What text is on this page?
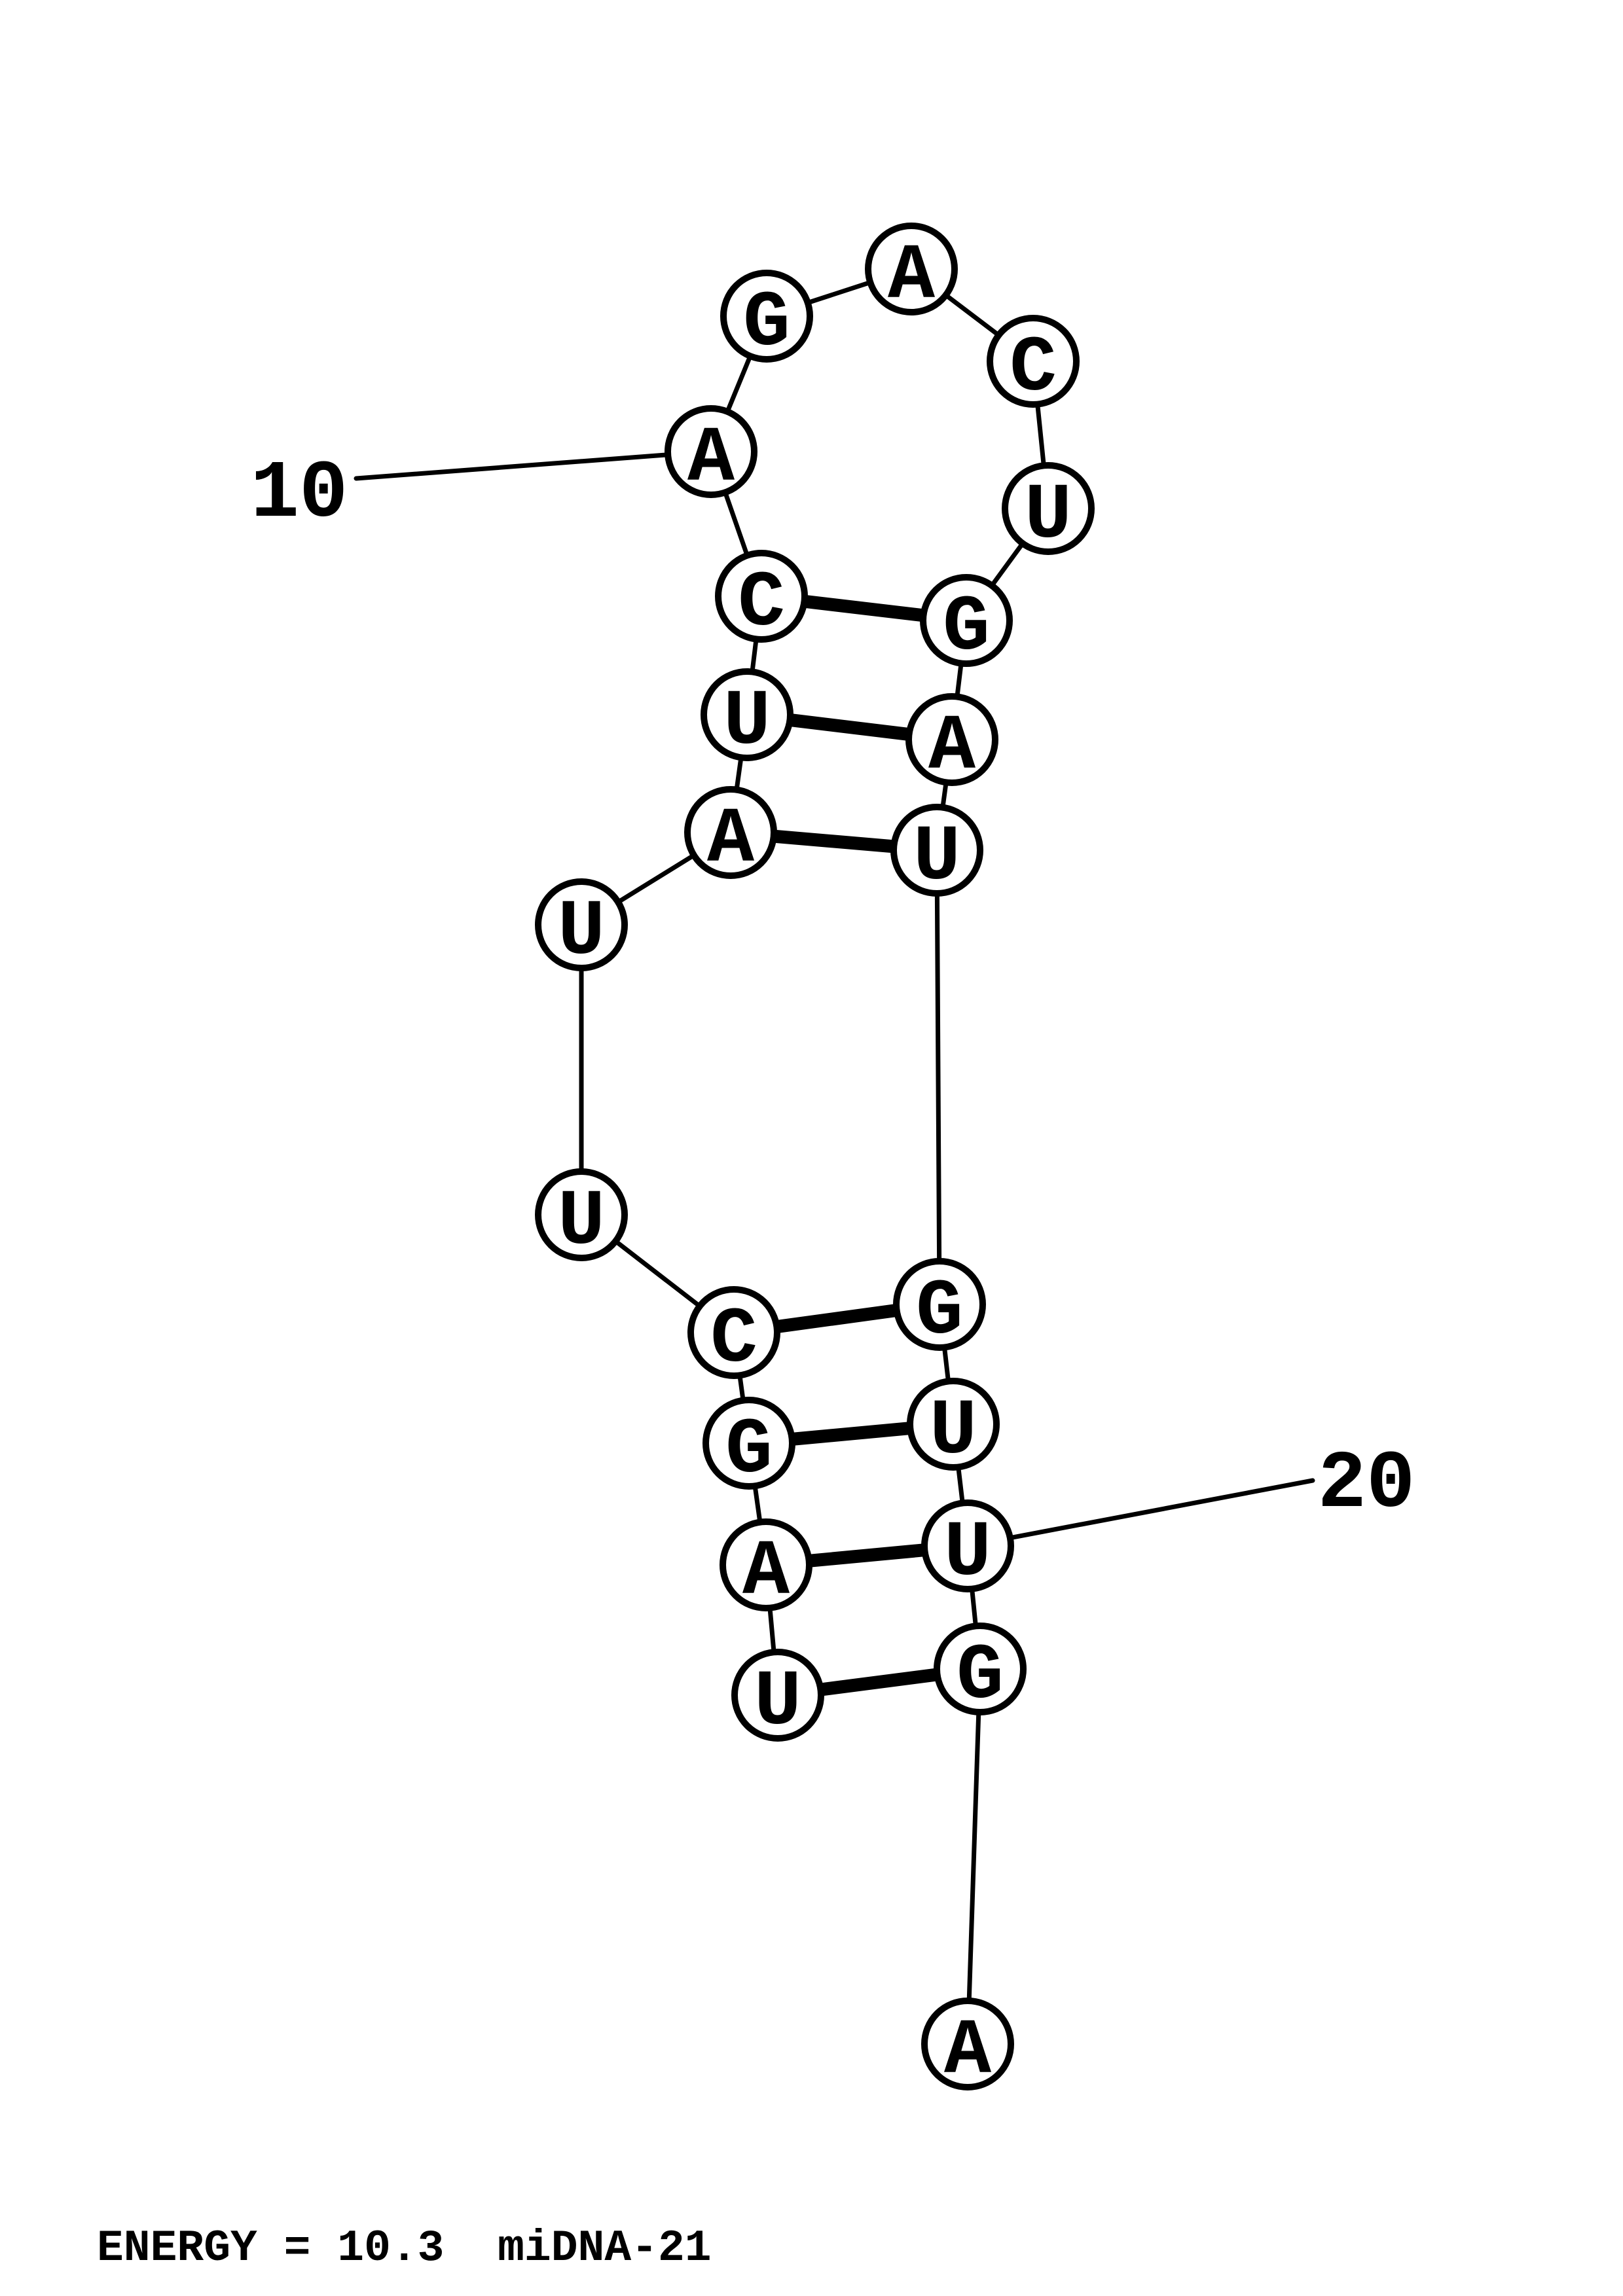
U
A
G
C
U
U
A
U
C
A
G
A
C
U
G
A
U
G
U
U
G
A
10
20
ENERGY = 10.3  miDNA-21
